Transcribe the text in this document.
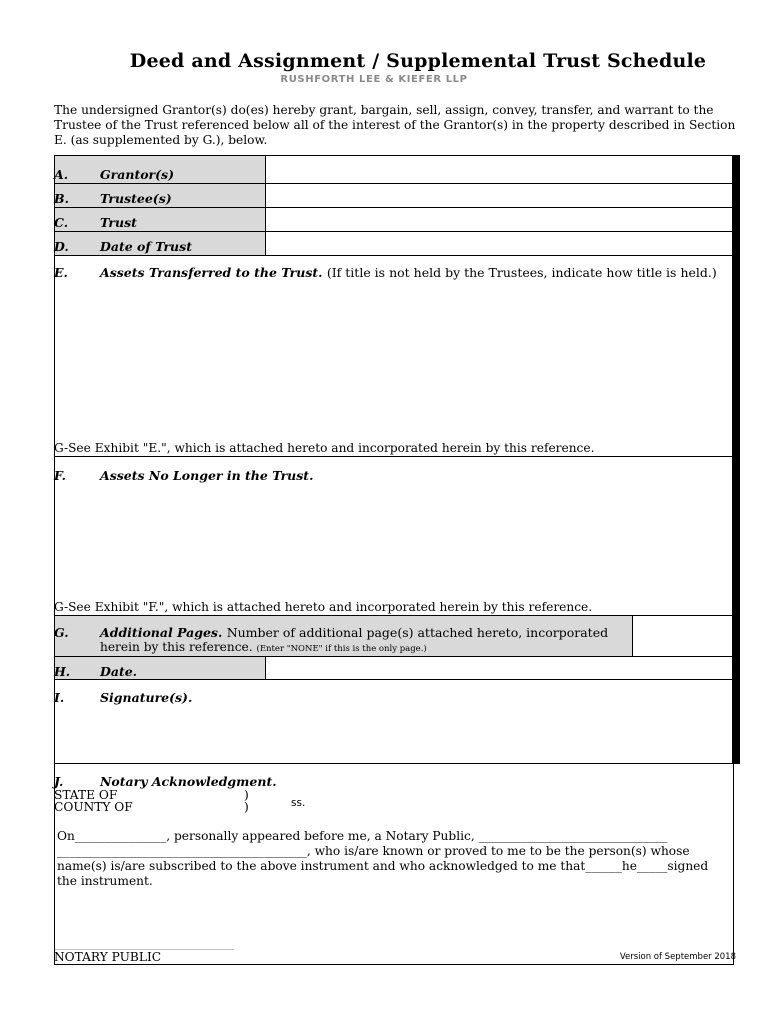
Deed and Assignment / Supplemental Trust Schedule
RUSHFORTH LEE & KIEFER LLP
The undersigned Grantor(s) do(es) hereby grant, bargain, sell, assign, convey, transfer, and warrant to the Trustee of the Trust referenced below all of the interest of the Grantor(s) in the property described in Section E. (as supplemented by G.), below.
A.	Grantor(s)
B. Trustee(s)
C.	Trust
D.	Date of Trust
E.	Assets Transferred to the Trust. (If title is not held by the Trustees, indicate how title is held.)
G-See Exhibit "E.", which is attached hereto and incorporated herein by this reference.
F.	Assets No Longer in the Trust.
G-See Exhibit "F.", which is attached hereto and incorporated herein by this reference.
G.	Additional Pages. Number of additional page(s) attached hereto, incorporated
herein by this reference. (Enter "NONE" if this is the only page.)
H. Date.
I.	Signature(s).
J.	Notary Acknowledgment.
STATE OF
COUNTY OF
)
)	ss.
On_______________, personally appeared before me, a Notary Public, _______________________________
_________________________________________, who is/are known or proved to me to be the person(s) whose
name(s) is/are subscribed to the above instrument and who acknowledged to me that______he_____signed
the instrument.
________________________________________
NOTARY PUBLIC	Version of September 2018
